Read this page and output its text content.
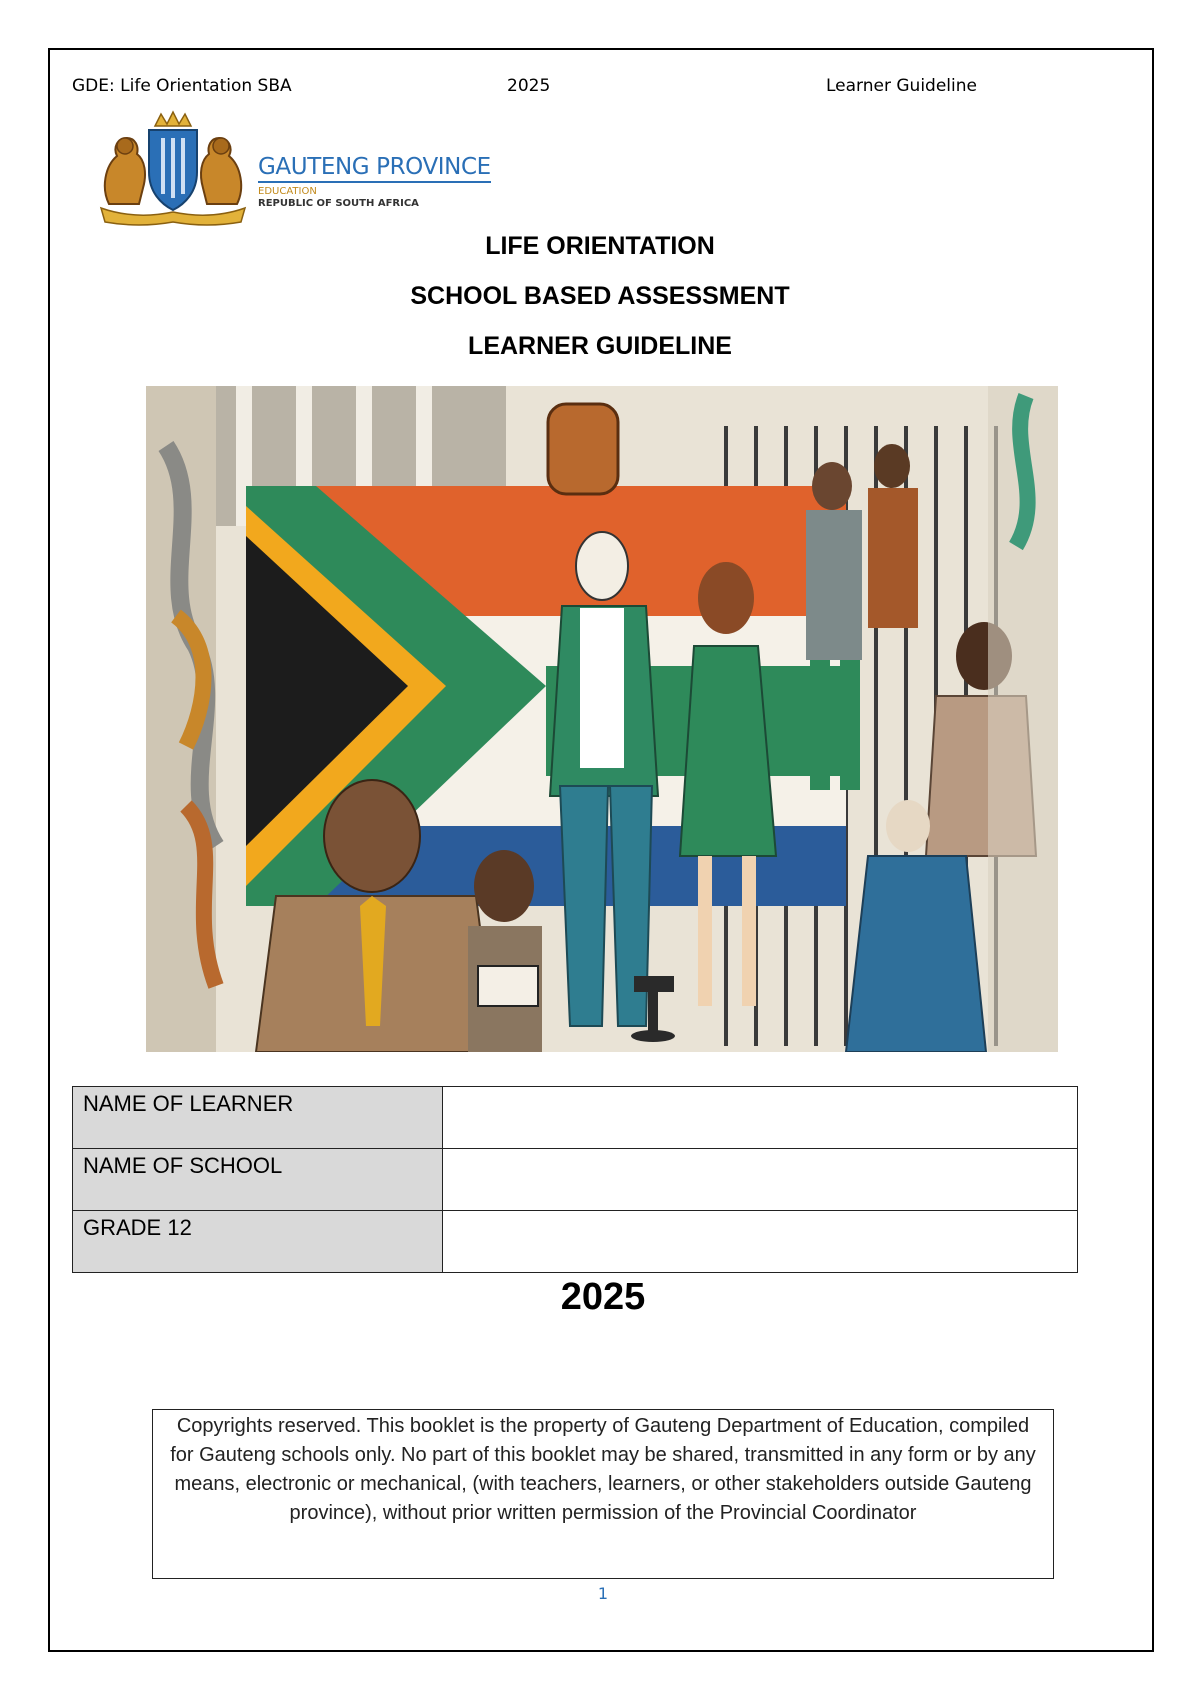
GDE: Life Orientation SBA	2025	Learner Guideline
GAUTENG PROVINCE
EDUCATION
REPUBLIC OF SOUTH AFRICA
LIFE ORIENTATION
SCHOOL BASED ASSESSMENT
LEARNER GUIDELINE
NAME OF LEARNER	
NAME OF SCHOOL	
GRADE 12	
2025
Copyrights reserved. This booklet is the property of Gauteng Department of Education, compiled for Gauteng schools only. No part of this booklet may be shared, transmitted in any form or by any means, electronic or mechanical, (with teachers, learners, or other stakeholders outside Gauteng province), without prior written permission of the Provincial Coordinator
1
